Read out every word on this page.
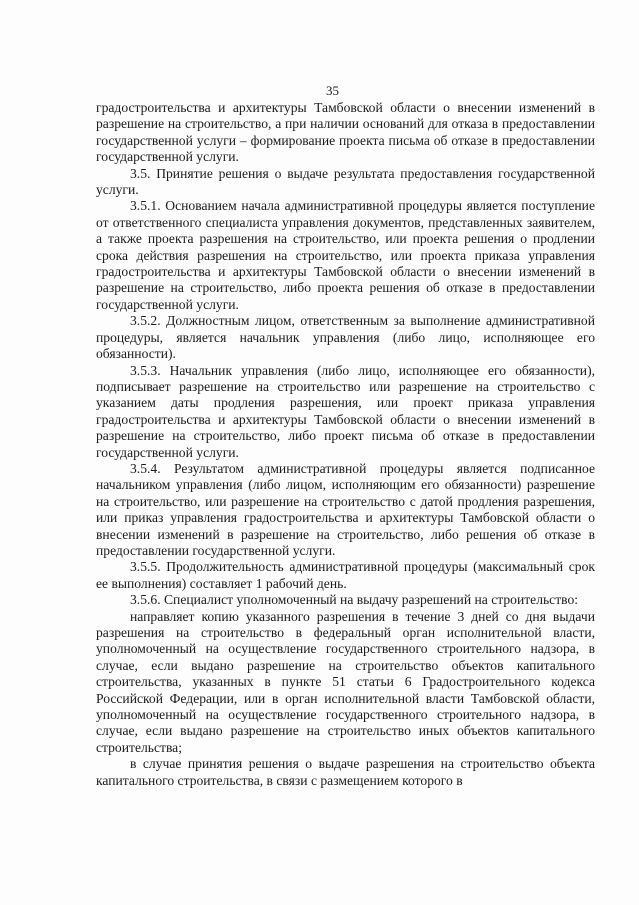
35

градостроительства и архитектуры Тамбовской области о внесении изменений в разрешение на строительство, а при наличии оснований для отказа в предоставлении государственной услуги – формирование проекта письма об отказе в предоставлении государственной услуги.

3.5. Принятие решения о выдаче результата предоставления государственной услуги.

3.5.1. Основанием начала административной процедуры является поступление от ответственного специалиста управления документов, представленных заявителем, а также проекта разрешения на строительство, или проекта решения о продлении срока действия разрешения на строительство, или проекта приказа управления градостроительства и архитектуры Тамбовской области о внесении изменений в разрешение на строительство, либо проекта решения об отказе в предоставлении государственной услуги.

3.5.2. Должностным лицом, ответственным за выполнение административной процедуры, является начальник управления (либо лицо, исполняющее его обязанности).

3.5.3. Начальник управления (либо лицо, исполняющее его обязанности), подписывает разрешение на строительство или разрешение на строительство с указанием даты продления разрешения, или проект приказа управления градостроительства и архитектуры Тамбовской области о внесении изменений в разрешение на строительство, либо проект письма об отказе в предоставлении государственной услуги.

3.5.4. Результатом административной процедуры является подписанное начальником управления (либо лицом, исполняющим его обязанности) разрешение на строительство, или разрешение на строительство с датой продления разрешения, или приказ управления градостроительства и архитектуры Тамбовской области о внесении изменений в разрешение на строительство, либо решения об отказе в предоставлении государственной услуги.

3.5.5. Продолжительность административной процедуры (максимальный срок ее выполнения) составляет 1 рабочий день.

3.5.6. Специалист уполномоченный на выдачу разрешений на строительство:

направляет копию указанного разрешения в течение 3 дней со дня выдачи разрешения на строительство в федеральный орган исполнительной власти, уполномоченный на осуществление государственного строительного надзора, в случае, если выдано разрешение на строительство объектов капитального строительства, указанных в пункте 51 статьи 6 Градостроительного кодекса Российской Федерации, или в орган исполнительной власти Тамбовской области, уполномоченный на осуществление государственного строительного надзора, в случае, если выдано разрешение на строительство иных объектов капитального строительства;

в случае принятия решения о выдаче разрешения на строительство объекта капитального строительства, в связи с размещением которого в
